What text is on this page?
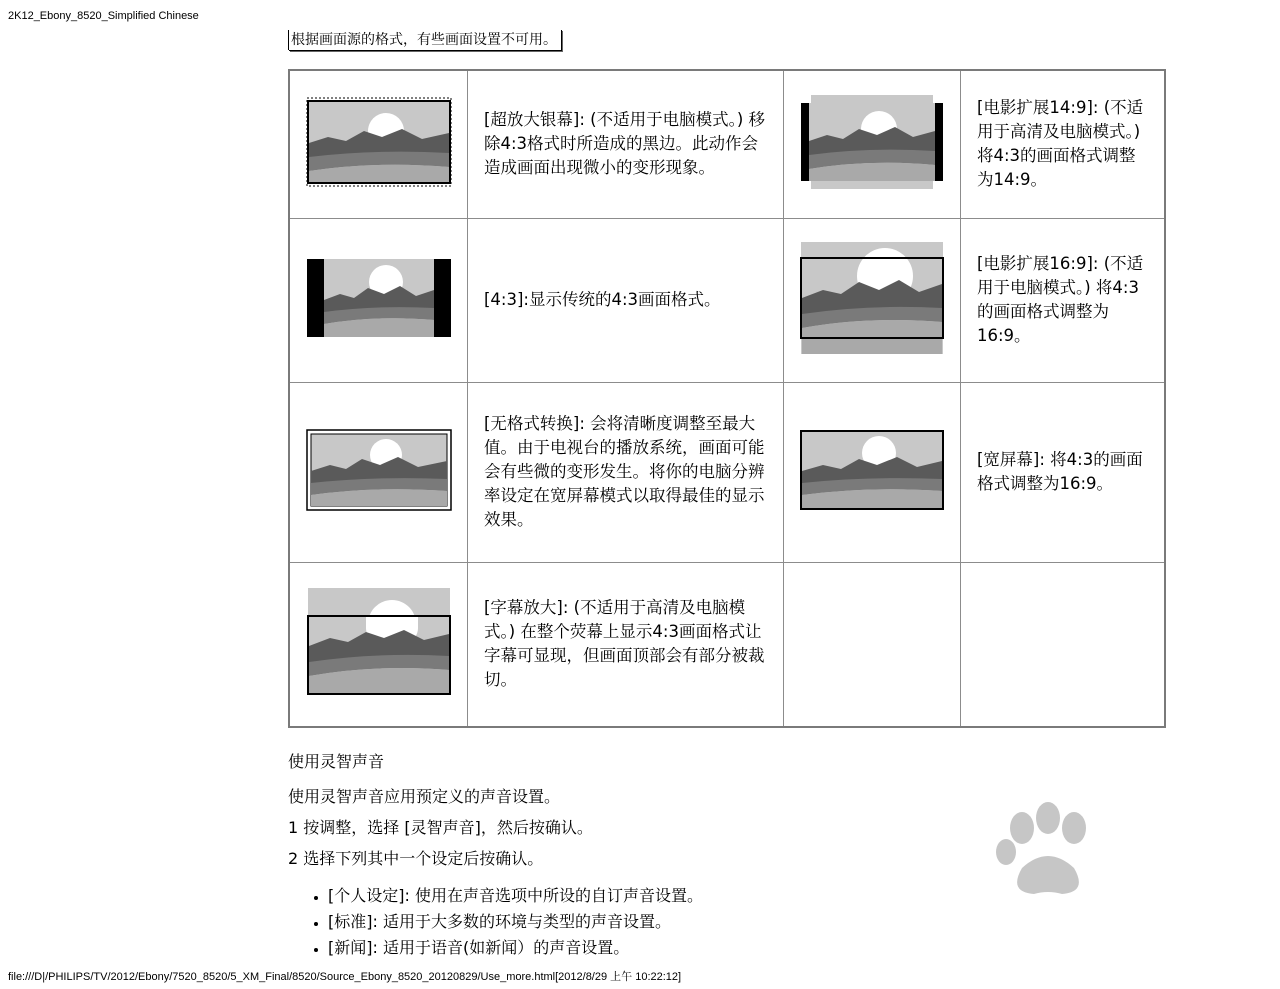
2K12_Ebony_8520_Simplified Chinese
根据画面源的格式，有些画面设置不可用。

[超放大银幕]: (不适用于电脑模式。) 移除4:3格式时所造成的黑边。此动作会造成画面出现微小的变形现象。		[电影扩展14:9]: (不适用于高清及电脑模式。) 将4:3的画面格式调整为14:9。

[4:3]:显示传统的4:3画面格式。		[电影扩展16:9]: (不适用于电脑模式。) 将4:3的画面格式调整为16:9。

[无格式转换]: 会将清晰度调整至最大值。由于电视台的播放系统，画面可能会有些微的变形发生。将你的电脑分辨率设定在宽屏幕模式以取得最佳的显示效果。		[宽屏幕]: 将4:3的画面格式调整为16:9。

[字幕放大]: (不适用于高清及电脑模式。) 在整个荧幕上显示4:3画面格式让字幕可显现，但画面顶部会有部分被裁切。		

使用灵智声音
使用灵智声音应用预定义的声音设置。
1 按调整，选择 [灵智声音]，然后按确认。
2 选择下列其中一个设定后按确认。
• [个人设定]: 使用在声音选项中所设的自订声音设置。
• [标准]: 适用于大多数的环境与类型的声音设置。
• [新闻]: 适用于语音(如新闻）的声音设置。
file:///D|/PHILIPS/TV/2012/Ebony/7520_8520/5_XM_Final/8520/Source_Ebony_8520_20120829/Use_more.html[2012/8/29 上午 10:22:12]
